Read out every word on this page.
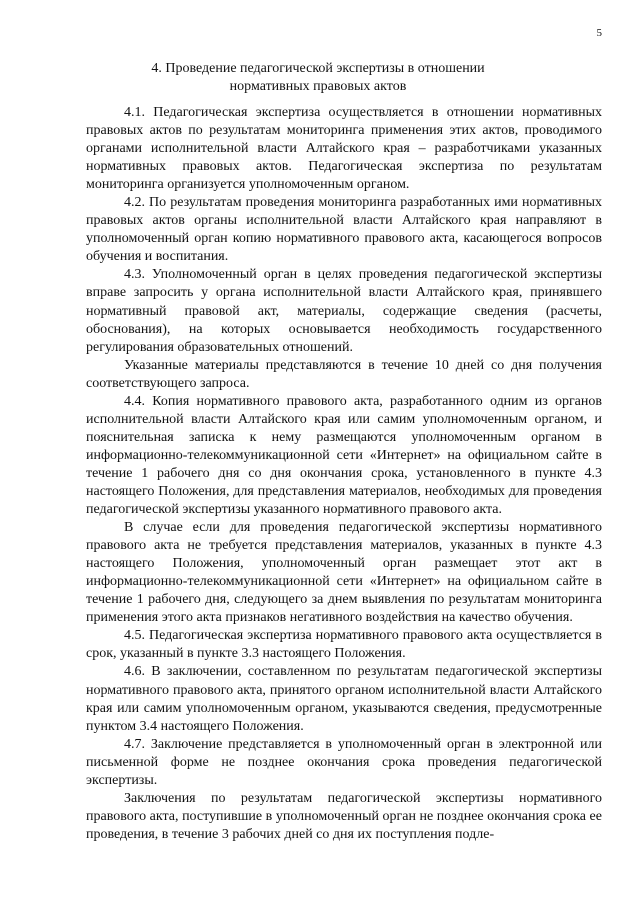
5
4. Проведение педагогической экспертизы в отношении
нормативных правовых актов

4.1. Педагогическая экспертиза осуществляется в отношении нормативных правовых актов по результатам мониторинга применения этих актов, проводимого органами исполнительной власти Алтайского края – разработчиками указанных нормативных правовых актов. Педагогическая экспертиза по результатам мониторинга организуется уполномоченным органом.

4.2. По результатам проведения мониторинга разработанных ими нормативных правовых актов органы исполнительной власти Алтайского края направляют в уполномоченный орган копию нормативного правового акта, касающегося вопросов обучения и воспитания.

4.3. Уполномоченный орган в целях проведения педагогической экспертизы вправе запросить у органа исполнительной власти Алтайского края, принявшего нормативный правовой акт, материалы, содержащие сведения (расчеты, обоснования), на которых основывается необходимость государственного регулирования образовательных отношений.

Указанные материалы представляются в течение 10 дней со дня получения соответствующего запроса.

4.4. Копия нормативного правового акта, разработанного одним из органов исполнительной власти Алтайского края или самим уполномоченным органом, и пояснительная записка к нему размещаются уполномоченным органом в информационно-телекоммуникационной сети «Интернет» на официальном сайте в течение 1 рабочего дня со дня окончания срока, установленного в пункте 4.3 настоящего Положения, для представления материалов, необходимых для проведения педагогической экспертизы указанного нормативного правового акта.

В случае если для проведения педагогической экспертизы нормативного правового акта не требуется представления материалов, указанных в пункте 4.3 настоящего Положения, уполномоченный орган размещает этот акт в информационно-телекоммуникационной сети «Интернет» на официальном сайте в течение 1 рабочего дня, следующего за днем выявления по результатам мониторинга применения этого акта признаков негативного воздействия на качество обучения.

4.5. Педагогическая экспертиза нормативного правового акта осуществляется в срок, указанный в пункте 3.3 настоящего Положения.

4.6. В заключении, составленном по результатам педагогической экспертизы нормативного правового акта, принятого органом исполнительной власти Алтайского края или самим уполномоченным органом, указываются сведения, предусмотренные пунктом 3.4 настоящего Положения.

4.7. Заключение представляется в уполномоченный орган в электронной или письменной форме не позднее окончания срока проведения педагогической экспертизы.

Заключения по результатам педагогической экспертизы нормативного правового акта, поступившие в уполномоченный орган не позднее окончания срока ее проведения, в течение 3 рабочих дней со дня их поступления подле-
